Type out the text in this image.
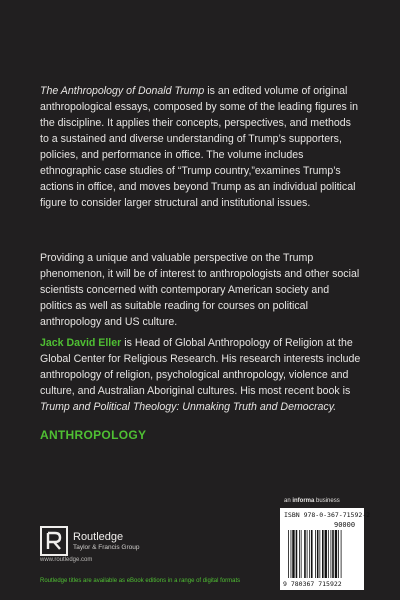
The Anthropology of Donald Trump is an edited volume of original anthropological essays, composed by some of the leading figures in the discipline. It applies their concepts, perspectives, and methods to a sustained and diverse understanding of Trump’s supporters, policies, and performance in office. The volume includes ethnographic case studies of “Trump country,”examines Trump’s actions in office, and moves beyond Trump as an individual political figure to consider larger structural and institutional issues.

Providing a unique and valuable perspective on the Trump phenomenon, it will be of interest to anthropologists and other social scientists concerned with contemporary American society and politics as well as suitable reading for courses on political anthropology and US culture.

Jack David Eller is Head of Global Anthropology of Religion at the Global Center for Religious Research. His research interests include anthropology of religion, psychological anthropology, violence and culture, and Australian Aboriginal cultures. His most recent book is Trump and Political Theology: Unmaking Truth and Democracy.

ANTHROPOLOGY
an informa business
ISBN 978-0-367-71592-2
90000
9 780367 715922
Routledge
Taylor & Francis Group
www.routledge.com
Routledge titles are available as eBook editions in a range of digital formats
